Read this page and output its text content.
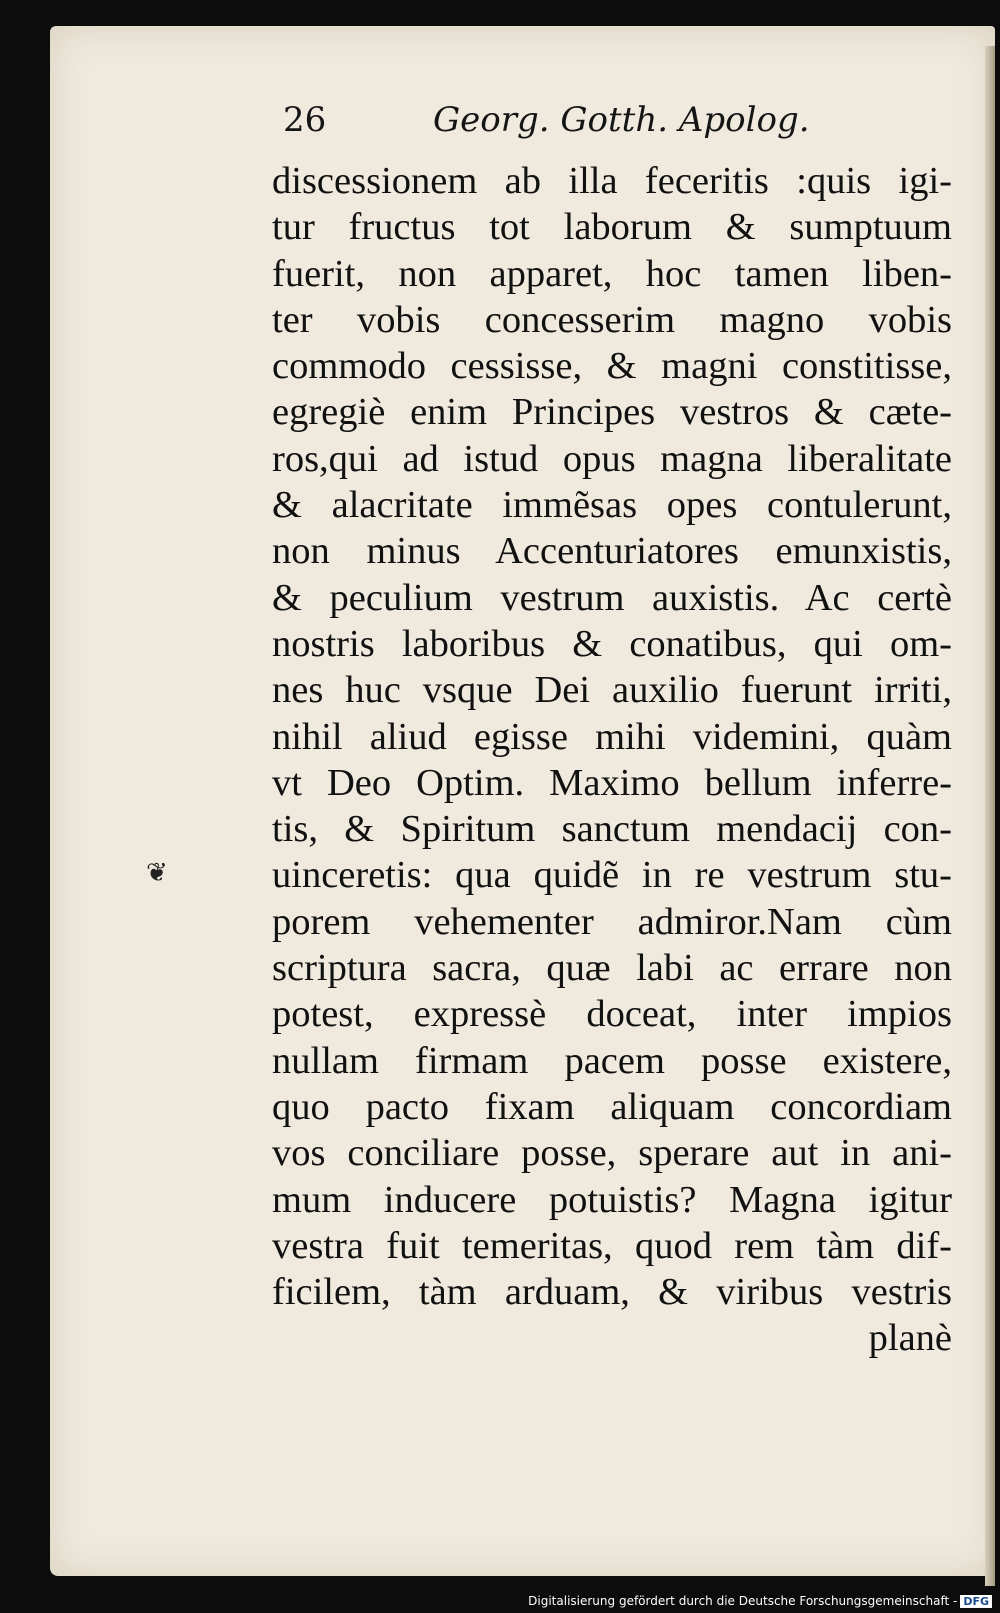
26	Georg. Gotth. Apolog.
❦
discessionem ab illa feceritis :quis igi-
tur fructus tot laborum & sumptuum
fuerit, non apparet, hoc tamen liben-
ter vobis concesserim magno vobis
commodo cessisse, & magni constitisse,
egregiè enim Principes vestros & cæte-
ros,qui ad istud opus magna liberalitate
& alacritate immẽsas opes contulerunt,
non minus Accenturiatores emunxistis,
& peculium vestrum auxistis. Ac certè
nostris laboribus & conatibus, qui om-
nes huc vsque Dei auxilio fuerunt irriti,
nihil aliud egisse mihi videmini, quàm
vt Deo Optim. Maximo bellum inferre-
tis, & Spiritum sanctum mendacij con-
uinceretis: qua quidẽ in re vestrum stu-
porem vehementer admiror.Nam cùm
scriptura sacra, quæ labi ac errare non
potest, expressè doceat, inter impios
nullam firmam pacem posse existere,
quo pacto fixam aliquam concordiam
vos conciliare posse, sperare aut in ani-
mum inducere potuistis? Magna igitur
vestra fuit temeritas, quod rem tàm dif-
ficilem, tàm arduam, & viribus vestris
planè
Digitalisierung gefördert durch die Deutsche Forschungsgemeinschaft - DFG
